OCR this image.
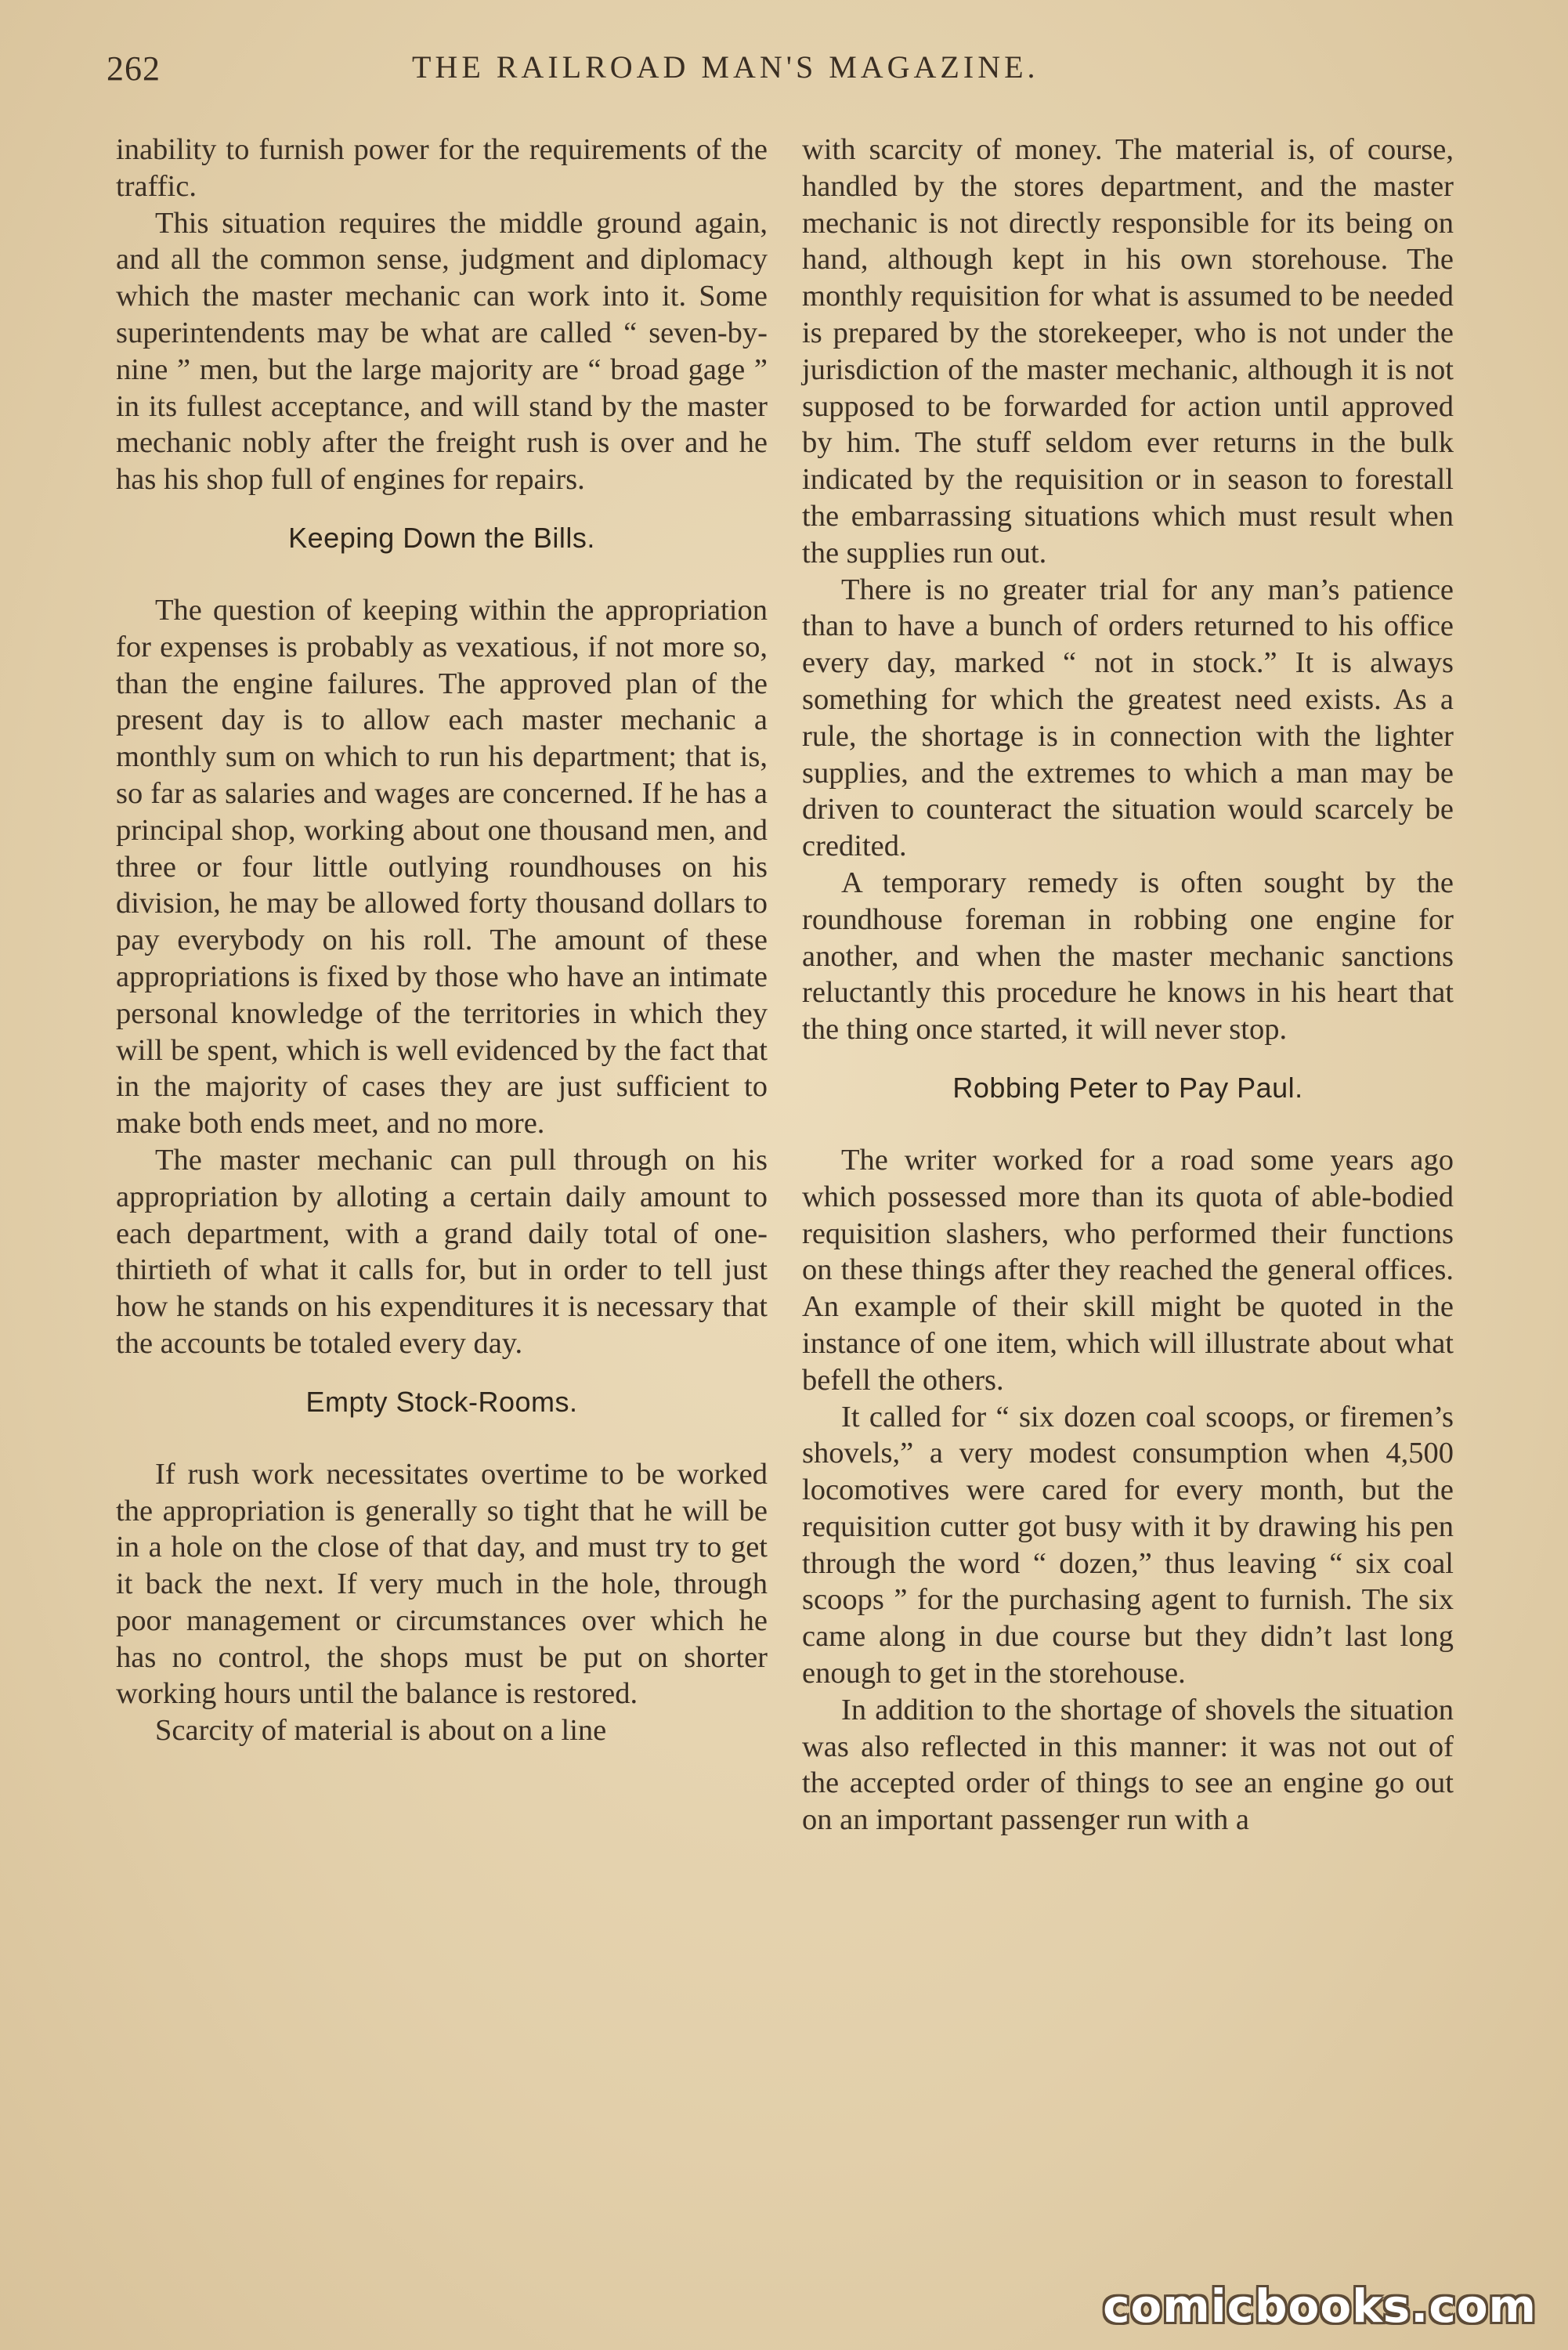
262	THE RAILROAD MAN'S MAGAZINE.

inability to furnish power for the requirements of the traffic.

This situation requires the middle ground again, and all the common sense, judgment and diplomacy which the master mechanic can work into it. Some superintendents may be what are called “ seven-by-nine ” men, but the large majority are “ broad gage ” in its fullest acceptance, and will stand by the master mechanic nobly after the freight rush is over and he has his shop full of engines for repairs.

Keeping Down the Bills.

The question of keeping within the appropriation for expenses is probably as vexatious, if not more so, than the engine failures. The approved plan of the present day is to allow each master mechanic a monthly sum on which to run his department; that is, so far as salaries and wages are concerned. If he has a principal shop, working about one thousand men, and three or four little outlying roundhouses on his division, he may be allowed forty thousand dollars to pay everybody on his roll. The amount of these appropriations is fixed by those who have an intimate personal knowledge of the territories in which they will be spent, which is well evidenced by the fact that in the majority of cases they are just sufficient to make both ends meet, and no more.

The master mechanic can pull through on his appropriation by alloting a certain daily amount to each department, with a grand daily total of one-thirtieth of what it calls for, but in order to tell just how he stands on his expenditures it is necessary that the accounts be totaled every day.

Empty Stock-Rooms.

If rush work necessitates overtime to be worked the appropriation is generally so tight that he will be in a hole on the close of that day, and must try to get it back the next. If very much in the hole, through poor management or circumstances over which he has no control, the shops must be put on shorter working hours until the balance is restored.

Scarcity of material is about on a line

with scarcity of money. The material is, of course, handled by the stores department, and the master mechanic is not directly responsible for its being on hand, although kept in his own storehouse. The monthly requisition for what is assumed to be needed is prepared by the storekeeper, who is not under the jurisdiction of the master mechanic, although it is not supposed to be forwarded for action until approved by him. The stuff seldom ever returns in the bulk indicated by the requisition or in season to forestall the embarrassing situations which must result when the supplies run out.

There is no greater trial for any man’s patience than to have a bunch of orders returned to his office every day, marked “ not in stock.” It is always something for which the greatest need exists. As a rule, the shortage is in connection with the lighter supplies, and the extremes to which a man may be driven to counteract the situation would scarcely be credited.

A temporary remedy is often sought by the roundhouse foreman in robbing one engine for another, and when the master mechanic sanctions reluctantly this procedure he knows in his heart that the thing once started, it will never stop.

Robbing Peter to Pay Paul.

The writer worked for a road some years ago which possessed more than its quota of able-bodied requisition slashers, who performed their functions on these things after they reached the general offices. An example of their skill might be quoted in the instance of one item, which will illustrate about what befell the others.

It called for “ six dozen coal scoops, or firemen’s shovels,” a very modest consumption when 4,500 locomotives were cared for every month, but the requisition cutter got busy with it by drawing his pen through the word “ dozen,” thus leaving “ six coal scoops ” for the purchasing agent to furnish. The six came along in due course but they didn’t last long enough to get in the storehouse.

In addition to the shortage of shovels the situation was also reflected in this manner: it was not out of the accepted order of things to see an engine go out on an important passenger run with a

comicbooks.com
